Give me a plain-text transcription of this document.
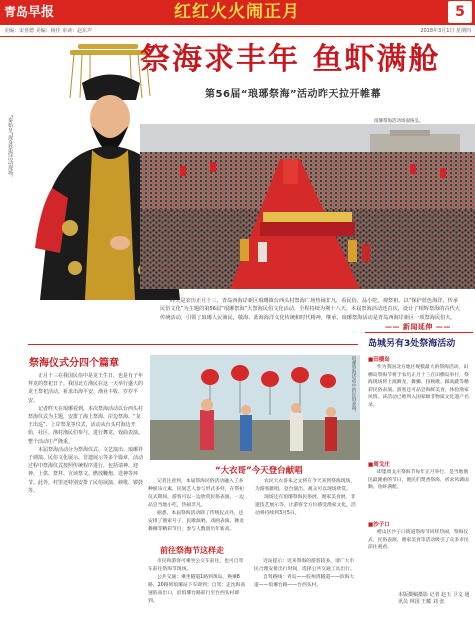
青岛早报	红红火火闹正月	5
美编：宋喜德 美编：杨佳 审读：赵东声	2018年3月1日 星期四
“秦始皇”现身祭海活动现场。
祭海求丰年 鱼虾满舱
第56届“琅琊祭海”活动昨天拉开帷幕
琅琊祭海活动场面恢弘。
昨天是农历正月十三，青岛西海岸新区琅琊镇台西头村祭海广场热闹非凡，看民俗、品小吃、观祭祖，以“保护蓝色海洋，传承民俗文化”为主题的第56届“琅琊祭海”大祭海民俗文化活动，全程持续为期十八天，本届祭海活动还首次，设计了相辉祭海的古代大传统活动，引领了琅琊人民渔民，敬海、蓝海海洋文化传统和时代精神，继承、琅琊祭海活动是青岛西海岸新区一项祭海民俗大。
祭海仪式分四个篇章

正月十三在我国民俗中是龙王生日，也是有子年拜龙的祭祀日子。我国北方渔民在这一天举行盛大的龙王祭祀活动，祈求出海平安、渔业丰收、岁岁平安。

记者昨天在琅琊看到，本次祭海活动以台西头村祭海仪式为主题，安排了海上祭海、岸边祭海、“龙王出巡”、上岸祭龙等仪式，活动从台头村海边开始，社区、渔村渔民们参与。进行舞龙、戏曲表演。整个活动庄严隆重。

本届祭海活动分为祭海仪式、文艺演出、琅琊祥子调演、民俗文化展示、非遗展示等多个篇章，活动过程中祭海仪式按照传统程序进行，包括请神、迎神、上供、祭拜、宣读祭文、燃放鞭炮、送神等环节。此外，村里还特别安排了民俗展演、秧歌、锣鼓等。

琅琊祭海活动中的民俗表演。
“大衣哥”今天登台献唱

记者注意到，本届祭海民俗活动融入了多种娱乐元素，民间艺人参与形式多样，在祭祀仪式期间，游客可以一边欣赏民俗表演，一边品尝当地小吃，热闹非凡。

据悉，本届祭海活动除了传统仪式外，还安排了渔家号子、民歌演唱、戏曲表演、舞龙舞狮等精彩节目，参与人数创历年新高。

农民大衣哥朱之文将在今天来到祭海现场，为游客献唱，登台演出。观众可以现场欣赏。

现场还有琅琊祭海民俗展、渔家美食展、非遗技艺展示等，让游客全方位感受渔家文化。活动将持续到3月5日。

前往祭海节这样走

市民和游客可乘坐公交车前往，也可自驾车前往祭海节现场。

公共交通：乘坐隧道1路到黄岛，换乘8路、20路到琅琊站下车即到；自驾：走沈海高速胶南出口，沿琅琊台路前行至台西头村即到。

近站提示：近来祭海的游客较多，请广大市民合理安排出行时间，选择公共交通工具出行。

自驾路线：青岛——胶州湾隧道——滨海大道——琅琊台路——台西头村。

—— 新闻延伸 ——
岛城另有3处祭海活动
■田横岛
作为我国北方地区规模最大的祭海活动，田横岛祭海节将于农历正月十三在田横岛举行，祭海现场将上演舞龙、舞狮、扭秧歌、踩高跷等精彩民俗表演。游客还可品尝海鲜美食，体验渔家风情。该活动已被列入国家级非物质文化遗产名录。
■周戈庄
即墨周戈庄祭海节每年正月举行，是当地渔民最隆重的节日，渔民们焚香祭海，祈求风调雨顺、鱼虾满舱。
■沙子口
崂山区沙子口街道祭海节同样热闹，祭海仪式、民俗表演、渔家美食等活动吸引了众多市民前往观看。
本版撰稿摄影 记者 赵玉 卫文 通讯员 林国 王耀 刘 张
